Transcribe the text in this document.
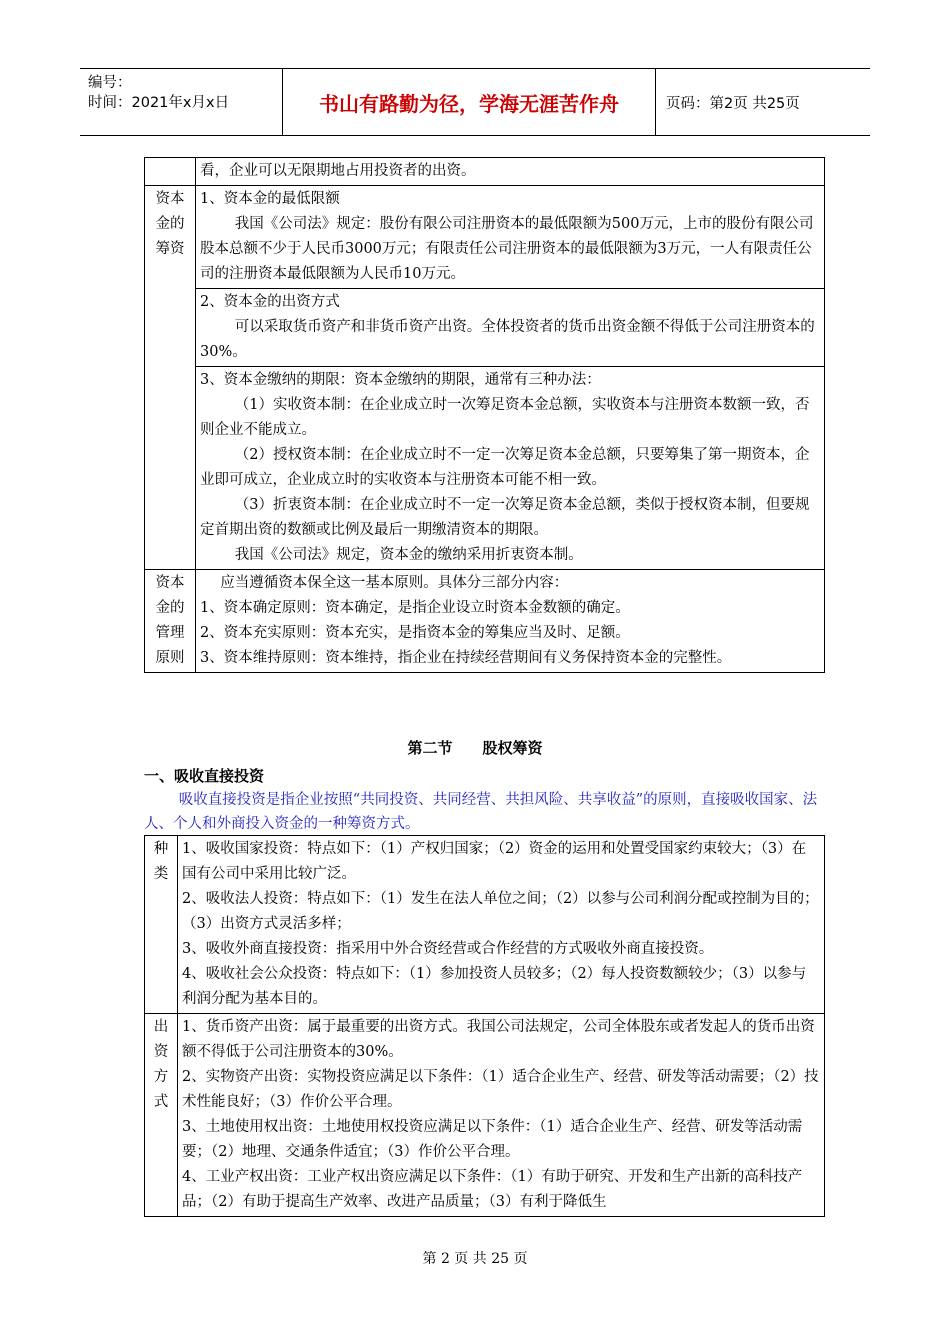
编号：
时间：2021年x月x日	书山有路勤为径，学海无涯苦作舟	页码：第2页 共25页
	看，企业可以无限期地占用投资者的出资。
资本金的筹资	1、资本金的最低限额

我国《公司法》规定：股份有限公司注册资本的最低限额为500万元，上市的股份有限公司股本总额不少于人民币3000万元；有限责任公司注册资本的最低限额为3万元，一人有限责任公司的注册资本最低限额为人民币10万元。

	2、资本金的出资方式

可以采取货币资产和非货币资产出资。全体投资者的货币出资金额不得低于公司注册资本的30%。

	3、资本金缴纳的期限：资本金缴纳的期限，通常有三种办法：

（1）实收资本制：在企业成立时一次筹足资本金总额，实收资本与注册资本数额一致，否则企业不能成立。

（2）授权资本制：在企业成立时不一定一次筹足资本金总额，只要筹集了第一期资本，企业即可成立，企业成立时的实收资本与注册资本可能不相一致。

（3）折衷资本制：在企业成立时不一定一次筹足资本金总额，类似于授权资本制，但要规定首期出资的数额或比例及最后一期缴清资本的期限。

我国《公司法》规定，资本金的缴纳采用折衷资本制。

资本金的管理原则	应当遵循资本保全这一基本原则。具体分三部分内容：

1、资本确定原则：资本确定，是指企业设立时资本金数额的确定。

2、资本充实原则：资本充实，是指资本金的筹集应当及时、足额。

3、资本维持原则：资本维持，指企业在持续经营期间有义务保持资本金的完整性。

第二节　　股权筹资
一、吸收直接投资

吸收直接投资是指企业按照“共同投资、共同经营、共担风险、共享收益”的原则，直接吸收国家、法人、个人和外商投入资金的一种筹资方式。

种类	1、吸收国家投资：特点如下：（1）产权归国家；（2）资金的运用和处置受国家约束较大；（3）在国有公司中采用比较广泛。

2、吸收法人投资：特点如下：（1）发生在法人单位之间；（2）以参与公司利润分配或控制为目的；（3）出资方式灵活多样；

3、吸收外商直接投资：指采用中外合资经营或合作经营的方式吸收外商直接投资。

4、吸收社会公众投资：特点如下：（1）参加投资人员较多；（2）每人投资数额较少；（3）以参与利润分配为基本目的。

出资方式	1、货币资产出资：属于最重要的出资方式。我国公司法规定，公司全体股东或者发起人的货币出资额不得低于公司注册资本的30%。

2、实物资产出资：实物投资应满足以下条件：（1）适合企业生产、经营、研发等活动需要；（2）技术性能良好；（3）作价公平合理。

3、土地使用权出资：土地使用权投资应满足以下条件：（1）适合企业生产、经营、研发等活动需要；（2）地理、交通条件适宜；（3）作价公平合理。

4、工业产权出资：工业产权出资应满足以下条件：（1）有助于研究、开发和生产出新的高科技产品；（2）有助于提高生产效率、改进产品质量；（3）有利于降低生

第 2 页 共 25 页
